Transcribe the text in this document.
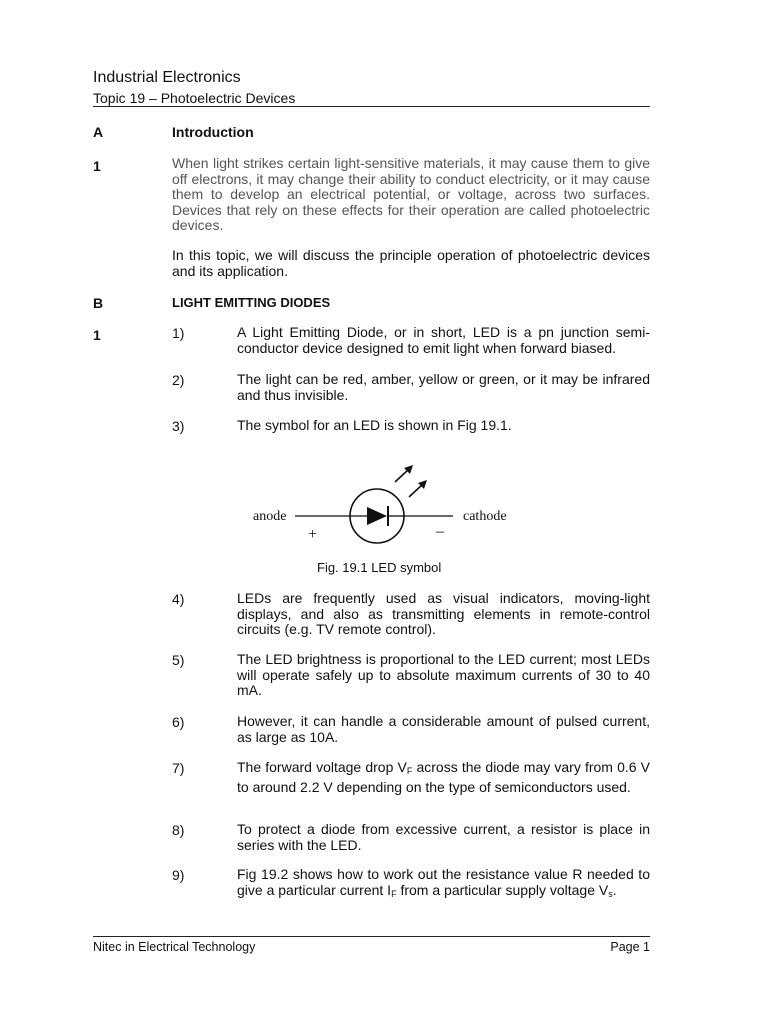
Industrial Electronics
Topic 19 – Photoelectric Devices
A	Introduction
1	When light strikes certain light-sensitive materials, it may cause them to give off electrons, it may change their ability to conduct electricity, or it may cause them to develop an electrical potential, or voltage, across two surfaces. Devices that rely on these effects for their operation are called photoelectric devices.
In this topic, we will discuss the principle operation of photoelectric devices and its application.
B	LIGHT EMITTING DIODES
1	1)	A Light Emitting Diode, or in short, LED is a pn junction semi-conductor device designed to emit light when forward biased.
2)	The light can be red, amber, yellow or green, or it may be infrared and thus invisible.
3)	The symbol for an LED is shown in Fig 19.1.
anode	cathode
+	–
Fig. 19.1 LED symbol
4)	LEDs are frequently used as visual indicators, moving-light displays, and also as transmitting elements in remote-control circuits (e.g. TV remote control).
5)	The LED brightness is proportional to the LED current; most LEDs will operate safely up to absolute maximum currents of 30 to 40 mA.
6)	However, it can handle a considerable amount of pulsed current, as large as 10A.
7)	The forward voltage drop $V_F$ across the diode may vary from 0.6 V to around 2.2 V depending on the type of semiconductors used.
8)	To protect a diode from excessive current, a resistor is place in series with the LED.
9)	Fig 19.2 shows how to work out the resistance value R needed to give a particular current $I_F$ from a particular supply voltage $V_s$.
Nitec in Electrical Technology	Page 1
